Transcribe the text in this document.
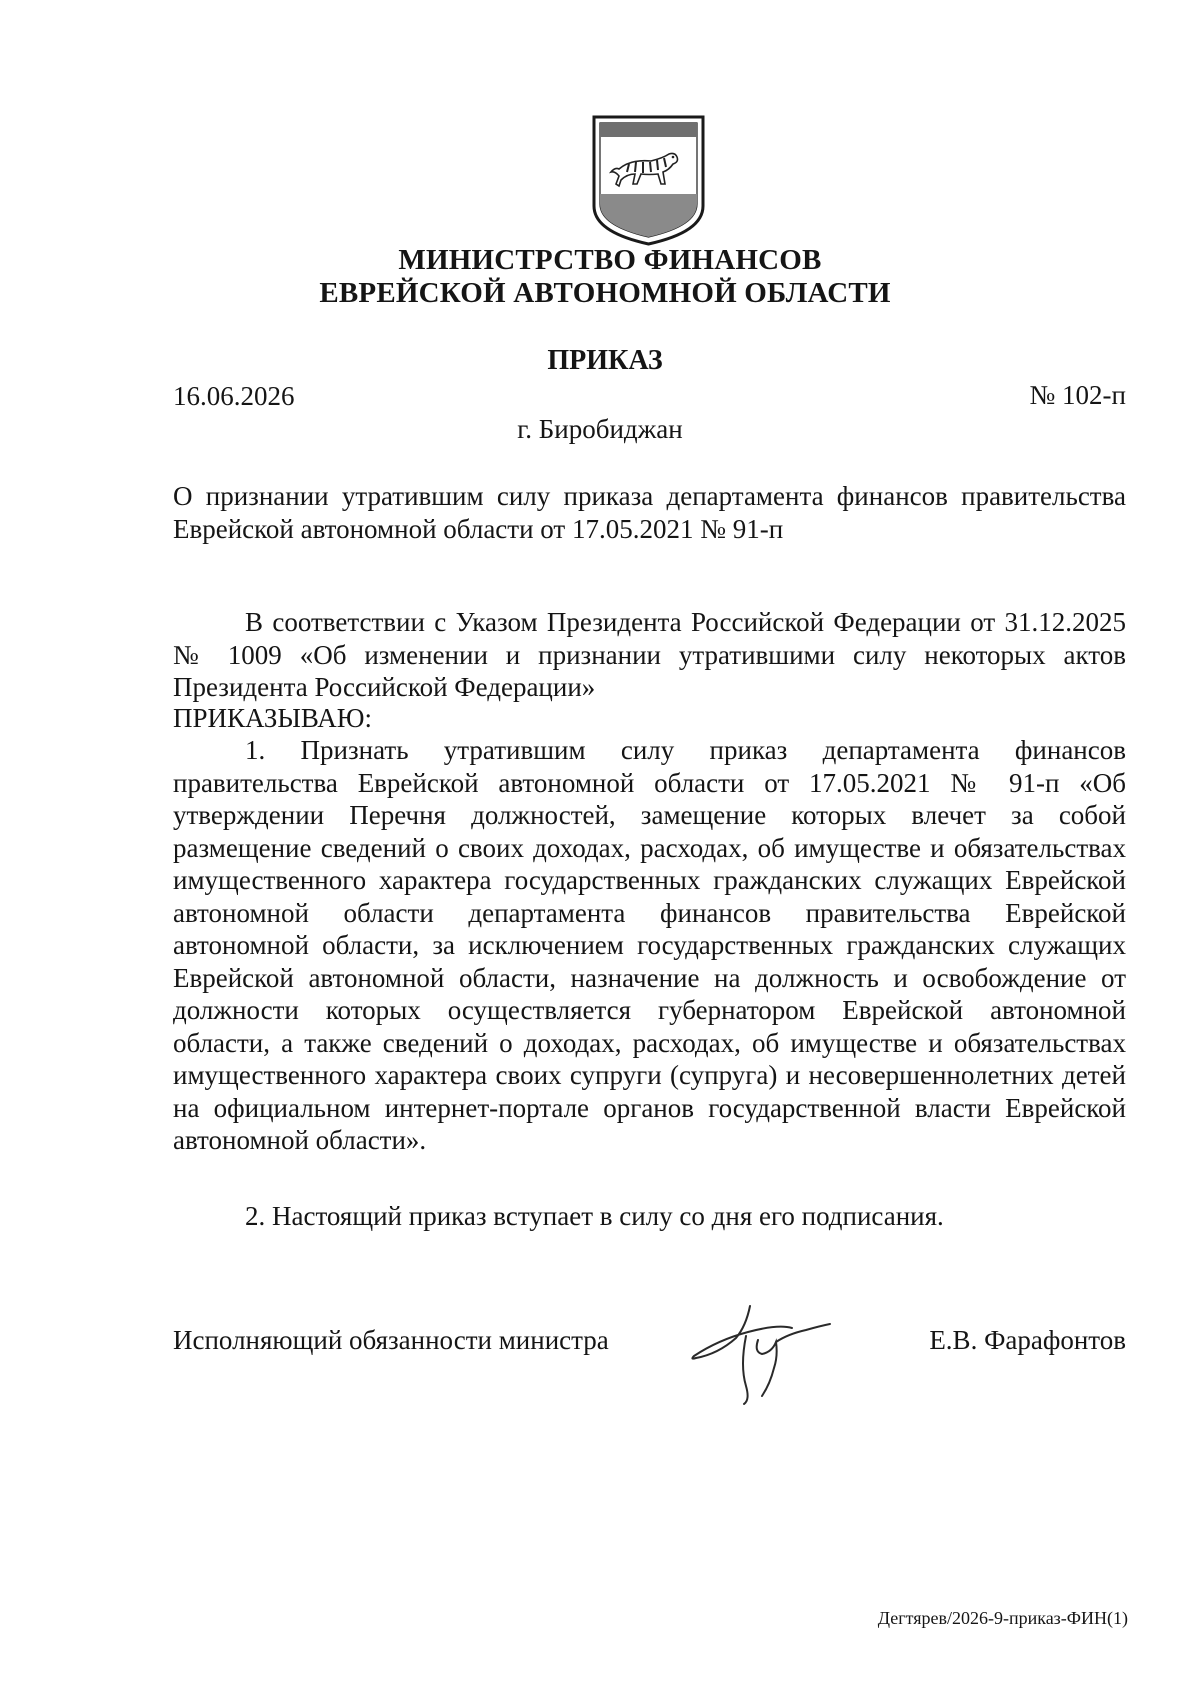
МИНИСТРСТВО ФИНАНСОВ
ЕВРЕЙСКОЙ АВТОНОМНОЙ ОБЛАСТИ
ПРИКАЗ
16.06.2026	№ 102-п
г. Биробиджан
О признании утратившим силу приказа департамента финансов правительства Еврейской автономной области от 17.05.2021 № 91-п
В соответствии с Указом Президента Российской Федерации от 31.12.2025 № 1009 «Об изменении и признании утратившими силу некоторых актов Президента Российской Федерации»
ПРИКАЗЫВАЮ:
1. Признать утратившим силу приказ департамента финансов правительства Еврейской автономной области от 17.05.2021 № 91-п «Об утверждении Перечня должностей, замещение которых влечет за собой размещение сведений о своих доходах, расходах, об имуществе и обязательствах имущественного характера государственных гражданских служащих Еврейской автономной области департамента финансов правительства Еврейской автономной области, за исключением государственных гражданских служащих Еврейской автономной области, назначение на должность и освобождение от должности которых осуществляется губернатором Еврейской автономной области, а также сведений о доходах, расходах, об имуществе и обязательствах имущественного характера своих супруги (супруга) и несовершеннолетних детей на официальном интернет-портале органов государственной власти Еврейской автономной области».
2. Настоящий приказ вступает в силу со дня его подписания.
Исполняющий обязанности министра	Е.В. Фарафонтов
Дегтярев/2026-9-приказ-ФИН(1)
